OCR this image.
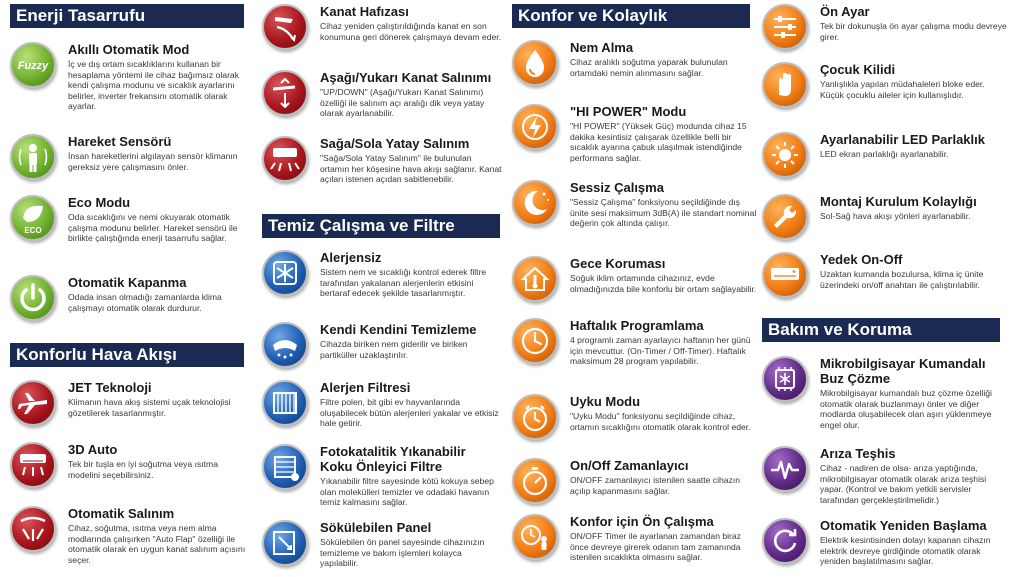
Enerji Tasarrufu
Konforlu Hava Akışı
Temiz Çalışma ve Filtre
Konfor ve Kolaylık
Bakım ve Koruma
Fuzzy
Akıllı Otomatik Mod
İç ve dış ortam sıcaklıklarını kullanan bir hesaplama yöntemi ile cihaz bağımsız olarak kendi çalışma modunu ve sıcaklık ayarlarını belirler, inverter frekansını otomatik olarak ayarlar.
Hareket Sensörü
İnsan hareketlerini algılayan sensör klimanın gereksiz yere çalışmasını önler.
ECO
Eco Modu
Oda sıcaklığını ve nemi okuyarak otomatik çalışma modunu belirler. Hareket sensörü ile birlikte çalıştığında enerji tasarrufu sağlar.
Otomatik Kapanma
Odada insan olmadığı zamanlarda klima çalışmayı otomatik olarak durdurur.
JET Teknoloji
Klimanın hava akış sistemi uçak teknolojisi gözetilerek tasarlanmıştır.
3D Auto
Tek bir tuşla en iyi soğutma veya ısıtma modelini seçebilirsiniz.
Otomatik Salınım
Cihaz, soğutma, ısıtma veya nem alma modlarında çalışırken "Auto Flap" özelliği ile otomatik olarak en uygun kanat salınım açısını seçer.
Kanat Hafızası
Cihaz yeniden çalıştırıldığında kanat en son konumuna geri dönerek çalışmaya devam eder.
Aşağı/Yukarı Kanat Salınımı
"UP/DOWN" (Aşağı/Yukarı Kanat Salınımı) özelliği ile salınım açı aralığı dik veya yatay olarak ayarlanabilir.
Sağa/Sola Yatay Salınım
"Sağa/Sola Yatay Salınım" ile bulunulan ortamın her köşesine hava akışı sağlanır. Kanat açıları istenen açıdan sabitlenebilir.
Alerjensiz
Sistem nem ve sıcaklığı kontrol ederek filtre tarafından yakalanan alerjenlerin etkisini bertaraf edecek şekilde tasarlanmıştır.
Kendi Kendini Temizleme
Cihazda biriken nem giderilir ve biriken partiküller uzaklaştırılır.
Alerjen Filtresi
Filtre polen, bit gibi ev hayvanlarında oluşabilecek bütün alerjenleri yakalar ve etkisiz hale getirir.
Fotokatalitik Yıkanabilir
Koku Önleyici Filtre
Yıkanabilir filtre sayesinde kötü kokuya sebep olan molekülleri temizler ve odadaki havanın temiz kalmasını sağlar.
Sökülebilen Panel
Sökülebilen ön panel sayesinde cihazınızın temizleme ve bakım işlemleri kolayca yapılabilir.
Nem Alma
Cihaz aralıklı soğutma yaparak bulunulan ortamdaki nemin alınmasını sağlar.
"HI POWER" Modu
"HI POWER" (Yüksek Güç) modunda cihaz 15 dakika kesintisiz çalışarak özellikle belli bir sıcaklık ayarına çabuk ulaşılmak istendiğinde performans sağlar.
Sessiz Çalışma
"Sessiz Çalışma" fonksiyonu seçildiğinde dış ünite sesi maksimum 3dB(A) ile standart nominal değerin çok altında çalışır.
Gece Koruması
Soğuk iklim ortamında cihazınız, evde olmadığınızda bile konforlu bir ortam sağlayabilir.
Haftalık Programlama
4 programlı zaman ayarlayıcı haftanın her günü için mevcuttur. (On-Timer / Off-Timer). Haftalık maksimum 28 program yapılabilir.
Uyku Modu
"Uyku Modu" fonksiyonu seçildiğinde cihaz, ortamın sıcaklığını otomatik olarak kontrol eder.
On/Off Zamanlayıcı
ON/OFF zamanlayıcı istenilen saatte cihazın açılıp kapanmasını sağlar.
Konfor için Ön Çalışma
ON/OFF Timer ile ayarlanan zamandan biraz önce devreye girerek odanın tam zamanında istenilen sıcaklıkta olmasını sağlar.
Ön Ayar
Tek bir dokunuşla ön ayar çalışma modu devreye girer.
Çocuk Kilidi
Yanlışlıkla yapılan müdahaleleri bloke eder. Küçük çocuklu aileler için kullanışlıdır.
Ayarlanabilir LED Parlaklık
LED ekran parlaklığı ayarlanabilir.
Montaj Kurulum Kolaylığı
Sol-Sağ hava akışı yönleri ayarlanabilir.
Yedek On-Off
Uzaktan kumanda bozulursa, klima iç ünite üzerindeki on/off anahtarı ile çalıştırılabilir.
Mikrobilgisayar Kumandalı
Buz Çözme
Mikrobilgisayar kumandalı buz çözme özelliği otomatik olarak buzlanmayı önler ve diğer modlarda oluşabilecek olan aşırı yüklenmeye engel olur.
Arıza Teşhis
Cihaz - nadiren de olsa- arıza yaptığında, mikrobilgisayar otomatik olarak arıza teşhisi yapar. (Kontrol ve bakım yetkili servisler tarafından gerçekleştirilmelidir.)
Otomatik Yeniden Başlama
Elektrik kesintisinden dolayı kapanan cihazın elektrik devreye girdiğinde otomatik olarak yeniden başlatılmasını sağlar.
